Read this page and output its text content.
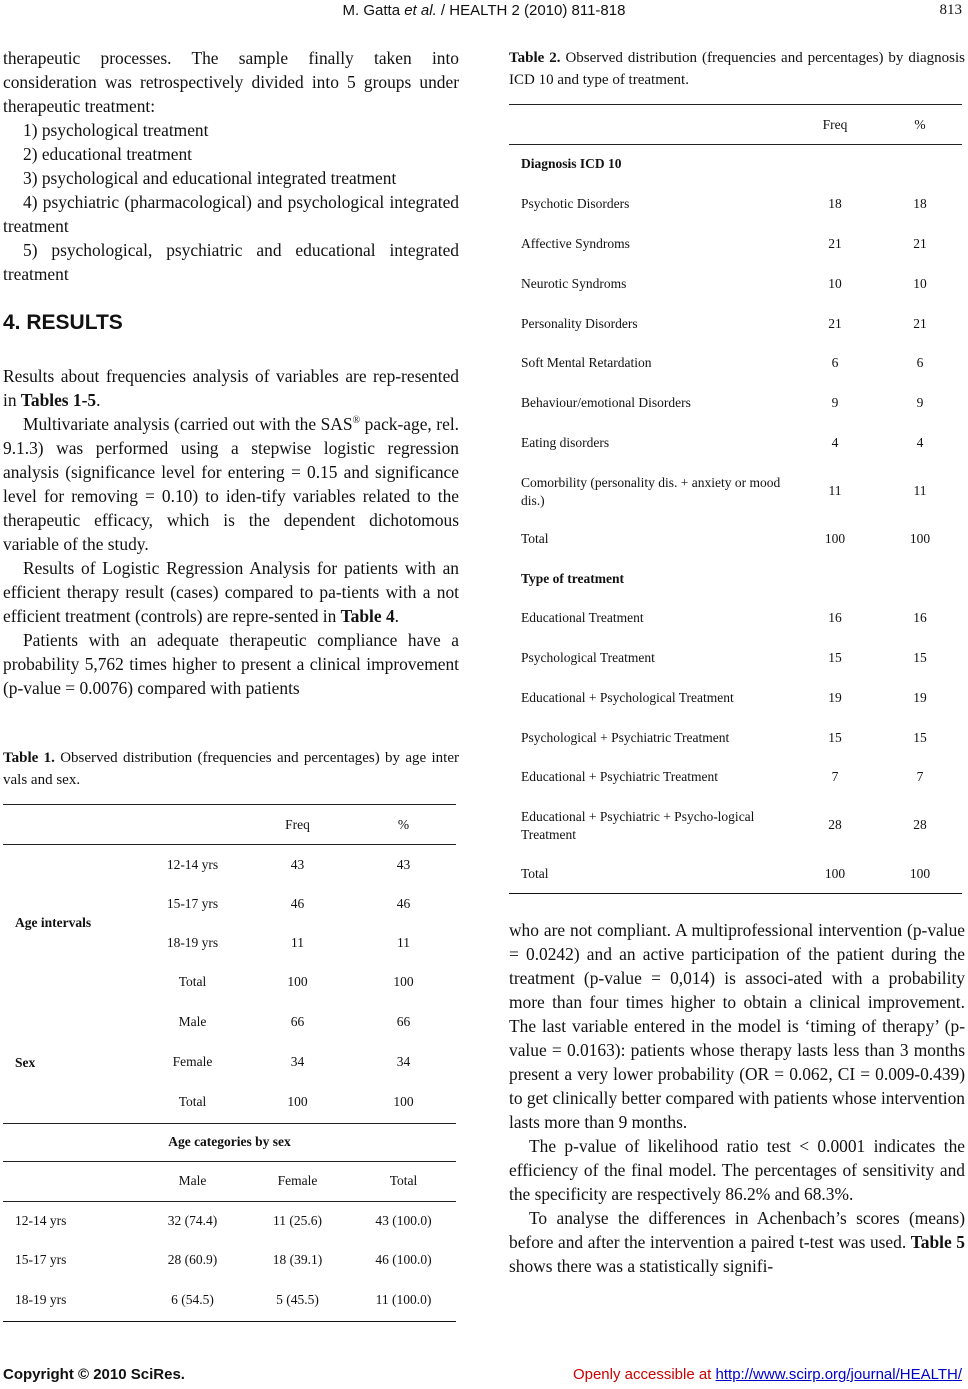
M. Gatta et al. / HEALTH 2 (2010) 811-818	813

therapeutic processes. The sample finally taken into consideration was retrospectively divided into 5 groups under therapeutic treatment:

1) psychological treatment

2) educational treatment

3) psychological and educational integrated treatment

4) psychiatric (pharmacological) and psychological integrated treatment

5) psychological, psychiatric and educational integrated treatment

4. RESULTS

Results about frequencies analysis of variables are rep-resented in Tables 1-5.

Multivariate analysis (carried out with the SAS® pack-age, rel. 9.1.3) was performed using a stepwise logistic regression analysis (significance level for entering = 0.15 and significance level for removing = 0.10) to iden-tify variables related to the therapeutic efficacy, which is the dependent dichotomous variable of the study.

Results of Logistic Regression Analysis for patients with an efficient therapy result (cases) compared to pa-tients with a not efficient treatment (controls) are repre-sented in Table 4.

Patients with an adequate therapeutic compliance have a probability 5,762 times higher to present a clinical improvement (p-value = 0.0076) compared with patients

Table 1. Observed distribution (frequencies and percentages) by age inter vals and sex.
Freq	%
Age intervals
12-14 yrs	43	43
15-17 yrs	46	46
18-19 yrs	11	11
Total	100	100
Sex
Male	66	66
Female	34	34
Total	100	100
Age categories by sex
Male	Female	Total
12-14 yrs	32 (74.4)	11 (25.6)	43 (100.0)
15-17 yrs	28 (60.9)	18 (39.1)	46 (100.0)
18-19 yrs	6 (54.5)	5 (45.5)	11 (100.0)
Table 2. Observed distribution (frequencies and percentages) by diagnosis ICD 10 and type of treatment.
Freq	%
Diagnosis ICD 10
Psychotic Disorders	18	18
Affective Syndroms	21	21
Neurotic Syndroms	10	10
Personality Disorders	21	21
Soft Mental Retardation	6	6
Behaviour/emotional Disorders	9	9
Eating disorders	4	4
Comorbility (personality dis. + anxiety or mood dis.)
11	11
Total	100	100
Type of treatment
Educational Treatment	16	16
Psychological Treatment	15	15
Educational + Psychological Treatment	19	19
Psychological + Psychiatric Treatment	15	15
Educational + Psychiatric Treatment	7	7
Educational + Psychiatric + Psycho-logical Treatment
28	28
Total	100	100

who are not compliant. A multiprofessional intervention (p-value = 0.0242) and an active participation of the patient during the treatment (p-value = 0,014) is associ-ated with a probability more than four times higher to obtain a clinical improvement. The last variable entered in the model is ‘timing of therapy’ (p-value = 0.0163): patients whose therapy lasts less than 3 months present a very lower probability (OR = 0.062, CI = 0.009-0.439) to get clinically better compared with patients whose intervention lasts more than 9 months.

The p-value of likelihood ratio test < 0.0001 indicates the efficiency of the final model. The percentages of sensitivity and the specificity are respectively 86.2% and 68.3%.

To analyse the differences in Achenbach’s scores (means) before and after the intervention a paired t-test was used. Table 5 shows there was a statistically signifi-

Copyright © 2010 SciRes.	Openly accessible at http://www.scirp.org/journal/HEALTH/
